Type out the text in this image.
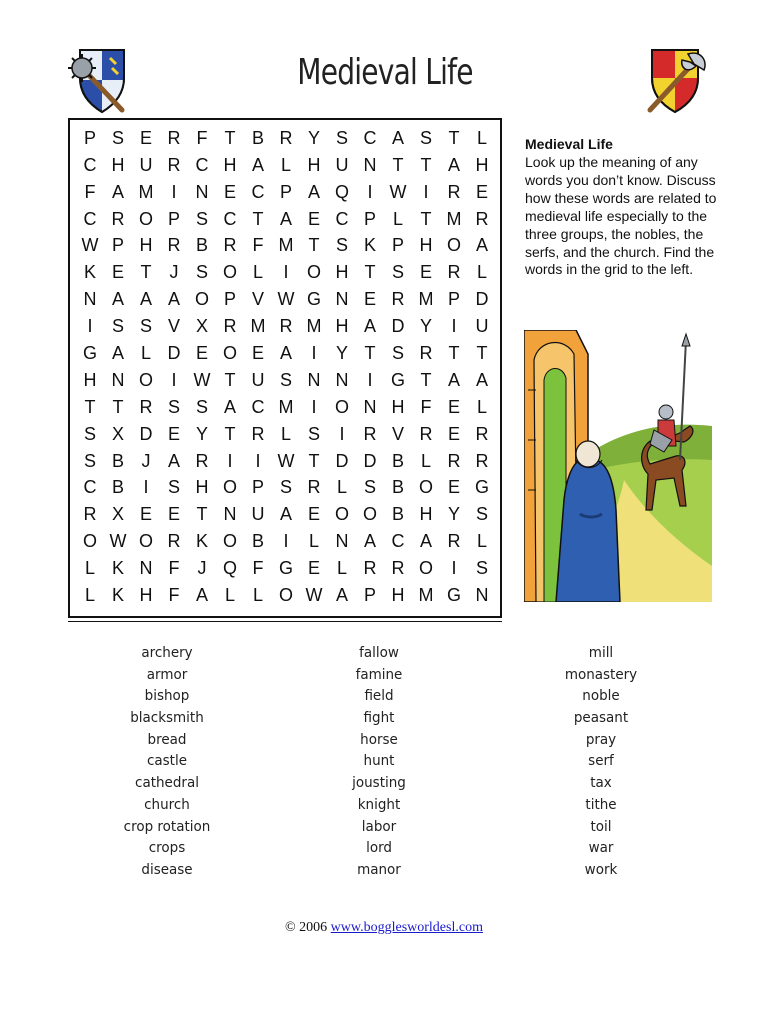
Medieval Life
P S E R F T B R Y S C A S T L
C H U R C H A L H U N T T A H
F A M I	N E C P A Q	I W I	R E
C R O P S C T A E C P L T M R
W P H R B R F M T S K P H O A
K E T	J S O L	I	O H T S E R L
N A A A O P V W G N E R M P D
I	S S V X R M R M H A D Y	I	U
G A L D E O E A	I	Y T S R T T
H N O	I W T U S N N	I	G T A A
T T R S S A C M I	O N H F E L
S X D E Y T R L S	I	R V R E R
S B J A R	I	I W T D D B L R R
C B	I	S H O P S R L S B O E G
R X E E T N U A E O O B H Y S
O W O R K O B	I	L N A C A R L
L K N F	J Q F G E L R R O	I	S
L K H F A L L O W A P H M G N
Medieval Life
Look up the meaning of any words you don’t know. Discuss how these words are related to medieval life especially to the three groups, the nobles, the serfs, and the church. Find the words in the grid to the left.
archery
armor
bishop
blacksmith
bread
castle
cathedral
church
crop rotation
crops
disease
fallow
famine
field
fight
horse
hunt
jousting
knight
labor
lord
manor
mill
monastery
noble
peasant
pray
serf
tax
tithe
toil
war
work
© 2006 www.bogglesworldesl.com
